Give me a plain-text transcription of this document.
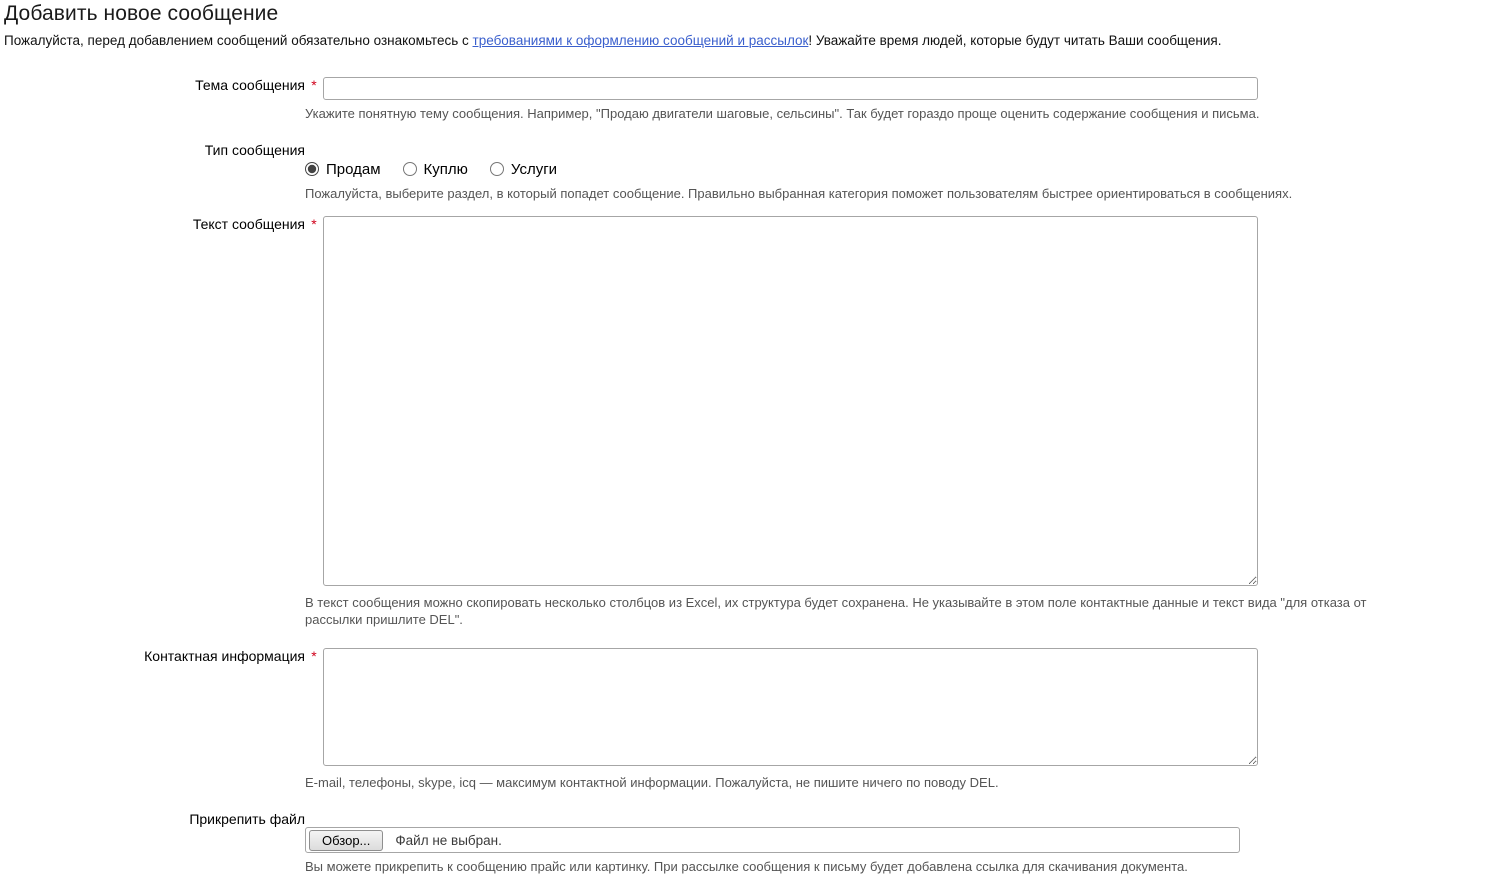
Добавить новое сообщение
Пожалуйста, перед добавлением сообщений обязательно ознакомьтесь с требованиями к оформлению сообщений и рассылок! Уважайте время людей, которые будут читать Ваши сообщения.
Тема сообщения *
Укажите понятную тему сообщения. Например, "Продаю двигатели шаговые, сельсины". Так будет гораздо проще оценить содержание сообщения и письма.
Тип сообщения
Продам	Куплю	Услуги
Пожалуйста, выберите раздел, в который попадет сообщение. Правильно выбранная категория поможет пользователям быстрее ориентироваться в сообщениях.
Текст сообщения *
В текст сообщения можно скопировать несколько столбцов из Excel, их структура будет сохранена. Не указывайте в этом поле контактные данные и текст вида "для отказа от рассылки пришлите DEL".
Контактная информация *
E-mail, телефоны, skype, icq — максимум контактной информации. Пожалуйста, не пишите ничего по поводу DEL.
Прикрепить файл
Обзор...	Файл не выбран.
Вы можете прикрепить к сообщению прайс или картинку. При рассылке сообщения к письму будет добавлена ссылка для скачивания документа.
